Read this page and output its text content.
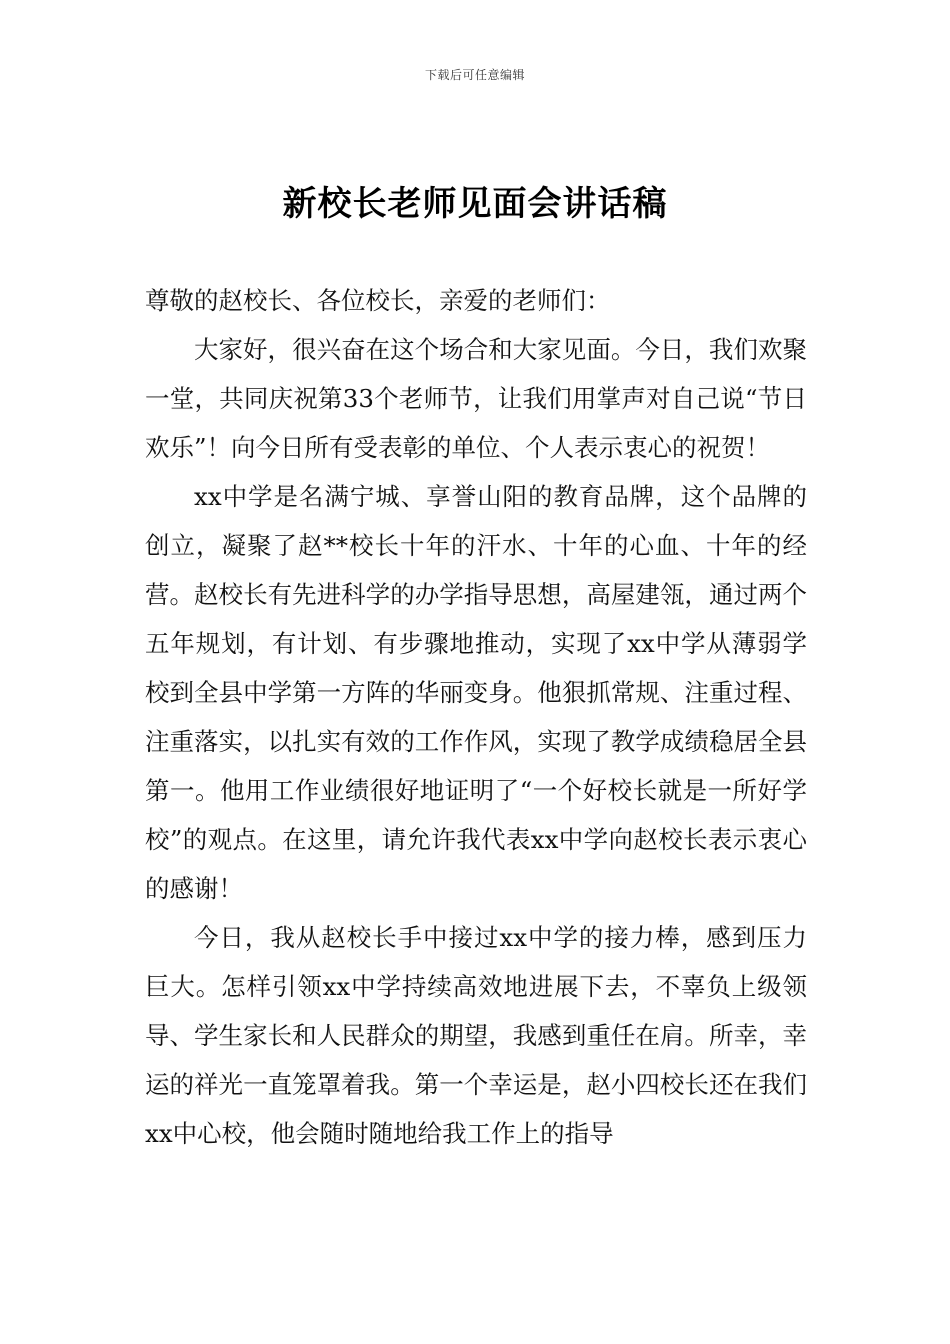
下载后可任意编辑
新校长老师见面会讲话稿

尊敬的赵校长、各位校长，亲爱的老师们：

大家好，很兴奋在这个场合和大家见面。今日，我们欢聚一堂，共同庆祝第33个老师节，让我们用掌声对自己说“节日欢乐”！向今日所有受表彰的单位、个人表示衷心的祝贺！

xx中学是名满宁城、享誉山阳的教育品牌，这个品牌的创立，凝聚了赵**校长十年的汗水、十年的心血、十年的经营。赵校长有先进科学的办学指导思想，高屋建瓴，通过两个五年规划，有计划、有步骤地推动，实现了xx中学从薄弱学校到全县中学第一方阵的华丽变身。他狠抓常规、注重过程、注重落实，以扎实有效的工作作风，实现了教学成绩稳居全县第一。他用工作业绩很好地证明了“一个好校长就是一所好学校”的观点。在这里，请允许我代表xx中学向赵校长表示衷心的感谢！

今日，我从赵校长手中接过xx中学的接力棒，感到压力巨大。怎样引领xx中学持续高效地进展下去，不辜负上级领导、学生家长和人民群众的期望，我感到重任在肩。所幸，幸运的祥光一直笼罩着我。第一个幸运是，赵小四校长还在我们xx中心校，他会随时随地给我工作上的指导
